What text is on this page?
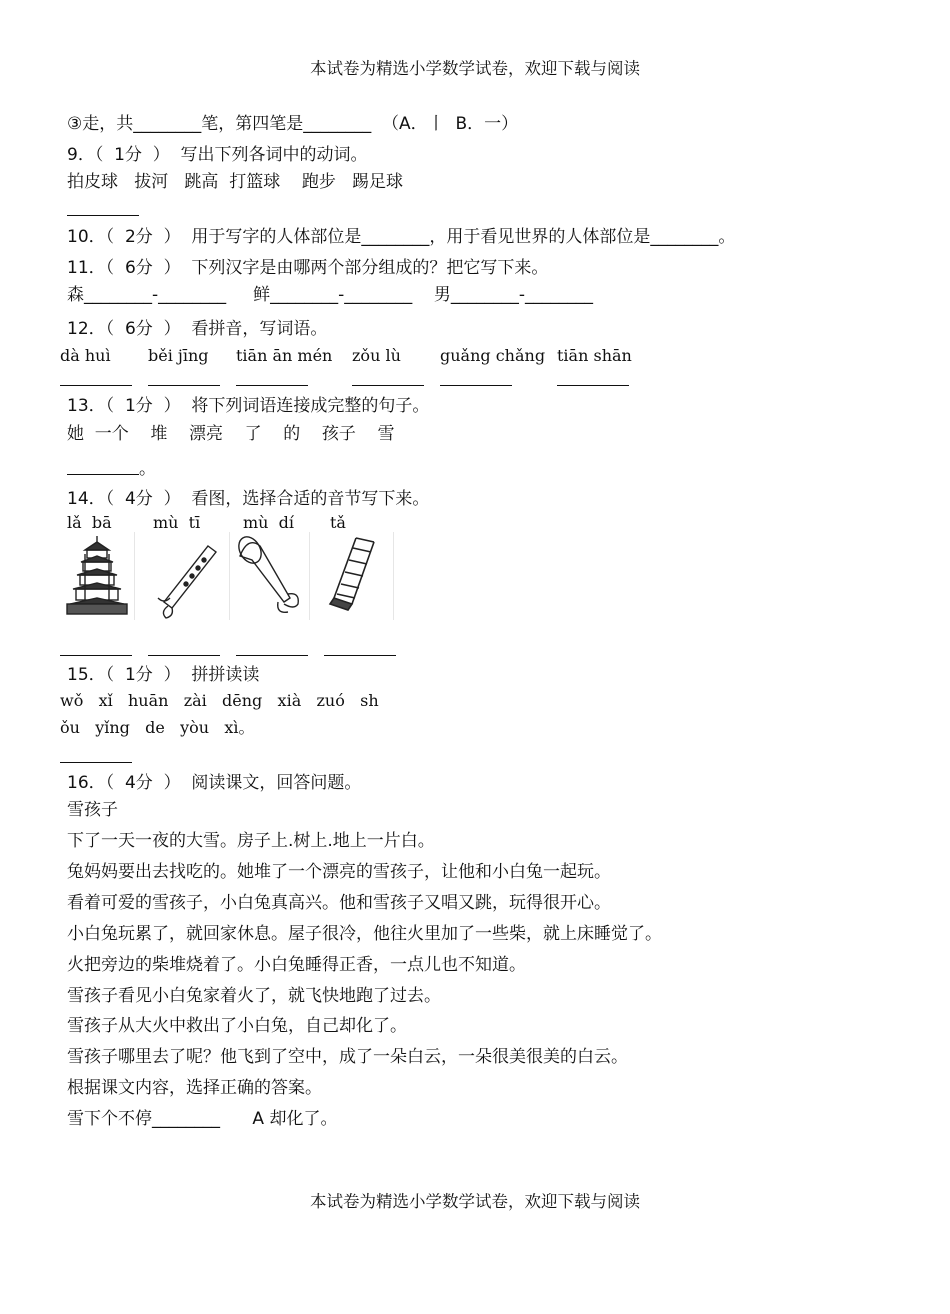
本试卷为精选小学数学试卷，欢迎下载与阅读
③走，共________笔，第四笔是________  （A．丨  B．一）
9．（  1分  ）  写出下列各词中的动词。
拍皮球   拔河   跳高  打篮球    跑步   踢足球
10．（  2分  ）  用于写字的人体部位是________，用于看见世界的人体部位是________。
11．（  6分  ）  下列汉字是由哪两个部分组成的？把它写下来。
森________-________     鲜________-________    男________-________
12．（  6分  ）  看拼音，写词语。
dà huì běi jīng tiān ān mén zǒu lù guǎng chǎng tiān shān
13．（  1分  ）  将下列词语连接成完整的句子。
她  一个    堆    漂亮    了    的    孩子    雪
。
14．（  4分  ）  看图，选择合适的音节写下来。
lǎ  bā	mù  tī	mù  dí tǎ
15．（  1分  ）  拼拼读读
wǒ   xǐ   huān   zài   dēng   xià   zuó   sh
ǒu   yǐng   de   yòu   xì。
16．（  4分  ）  阅读课文，回答问题。
雪孩子
下了一天一夜的大雪。房子上.树上.地上一片白。
兔妈妈要出去找吃的。她堆了一个漂亮的雪孩子，让他和小白兔一起玩。
看着可爱的雪孩子，小白兔真高兴。他和雪孩子又唱又跳，玩得很开心。
小白兔玩累了，就回家休息。屋子很冷，他往火里加了一些柴，就上床睡觉了。
火把旁边的柴堆烧着了。小白兔睡得正香，一点儿也不知道。
雪孩子看见小白兔家着火了，就飞快地跑了过去。
雪孩子从大火中救出了小白兔，自己却化了。
雪孩子哪里去了呢？他飞到了空中，成了一朵白云，一朵很美很美的白云。
根据课文内容，选择正确的答案。
雪下个不停________      A 却化了。
本试卷为精选小学数学试卷，欢迎下载与阅读
